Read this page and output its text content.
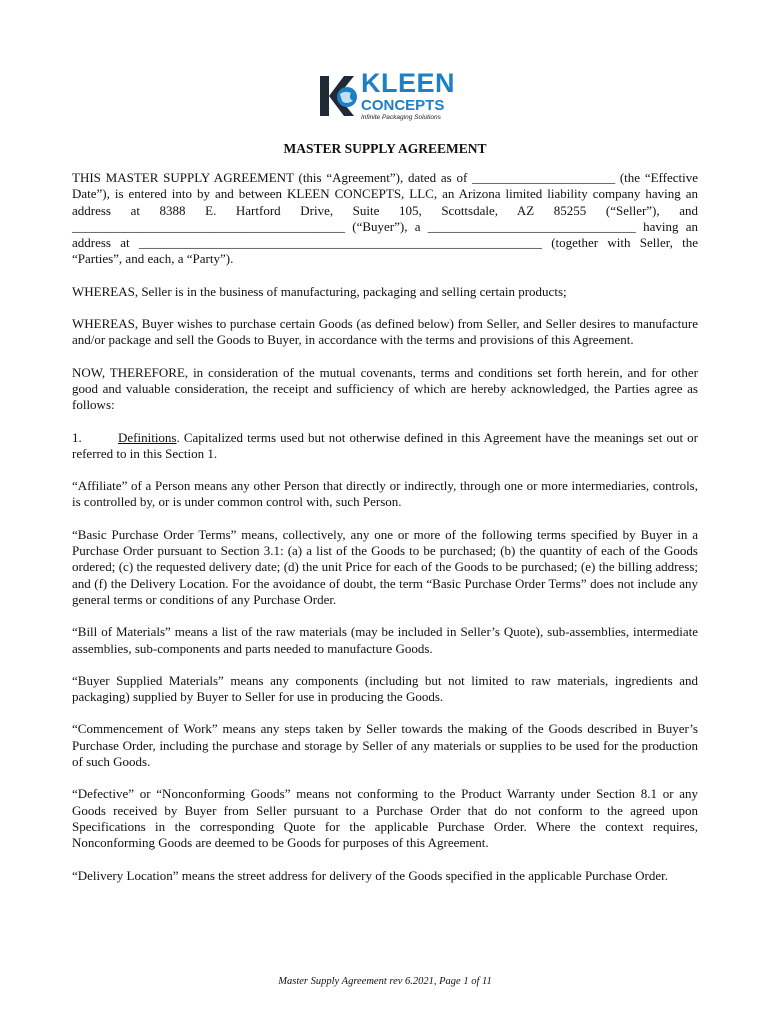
KLEEN
CONCEPTS
Infinite Packaging Solutions
MASTER SUPPLY AGREEMENT

THIS MASTER SUPPLY AGREEMENT (this “Agreement”), dated as of ______________________ (the “Effective Date”), is entered into by and between KLEEN CONCEPTS, LLC, an Arizona limited liability company having an address at 8388 E. Hartford Drive, Suite 105, Scottsdale, AZ 85255 (“Seller”), and __________________________________________ (“Buyer”), a ________________________________ having an address at ______________________________________________________________ (together with Seller, the “Parties”, and each, a “Party”).

WHEREAS, Seller is in the business of manufacturing, packaging and selling certain products;

WHEREAS, Buyer wishes to purchase certain Goods (as defined below) from Seller, and Seller desires to manufacture and/or package and sell the Goods to Buyer, in accordance with the terms and provisions of this Agreement.

NOW, THEREFORE, in consideration of the mutual covenants, terms and conditions set forth herein, and for other good and valuable consideration, the receipt and sufficiency of which are hereby acknowledged, the Parties agree as follows:

1.	Definitions. Capitalized terms used but not otherwise defined in this Agreement have the meanings set out or referred to in this Section 1.

“Affiliate” of a Person means any other Person that directly or indirectly, through one or more intermediaries, controls, is controlled by, or is under common control with, such Person.

“Basic Purchase Order Terms” means, collectively, any one or more of the following terms specified by Buyer in a Purchase Order pursuant to Section 3.1: (a) a list of the Goods to be purchased; (b) the quantity of each of the Goods ordered; (c) the requested delivery date; (d) the unit Price for each of the Goods to be purchased; (e) the billing address; and (f) the Delivery Location. For the avoidance of doubt, the term “Basic Purchase Order Terms” does not include any general terms or conditions of any Purchase Order.

“Bill of Materials” means a list of the raw materials (may be included in Seller’s Quote), sub-assemblies, intermediate assemblies, sub-components and parts needed to manufacture Goods.

“Buyer Supplied Materials” means any components (including but not limited to raw materials, ingredients and packaging) supplied by Buyer to Seller for use in producing the Goods.

“Commencement of Work” means any steps taken by Seller towards the making of the Goods described in Buyer’s Purchase Order, including the purchase and storage by Seller of any materials or supplies to be used for the production of such Goods.

“Defective” or “Nonconforming Goods” means not conforming to the Product Warranty under Section 8.1 or any Goods received by Buyer from Seller pursuant to a Purchase Order that do not conform to the agreed upon Specifications in the corresponding Quote for the applicable Purchase Order. Where the context requires, Nonconforming Goods are deemed to be Goods for purposes of this Agreement.

“Delivery Location” means the street address for delivery of the Goods specified in the applicable Purchase Order.

Master Supply Agreement rev 6.2021, Page 1 of 11
